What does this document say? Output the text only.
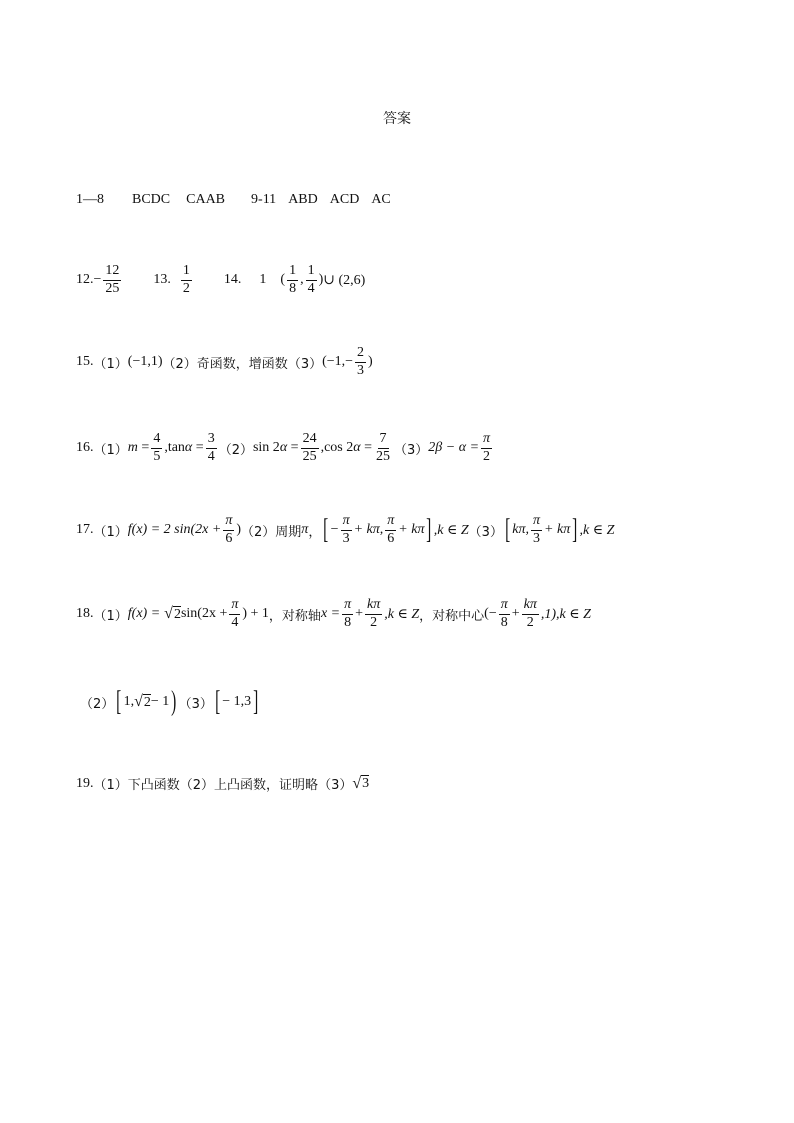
答案
1—8 BCDC CAAB 9-11 ABD ACD AC
12. − $\frac{12}{25} 13$. $\frac{1}{2} 14$. 1 ( $\frac{1}{8}$ , $\frac{1}{4}$ ) ∪ (2,6)
15. （1） (−1,1) （2） 奇函数，增函数 （3） ($-1,- \frac{2}{3}$ )
16. （1） $m = \frac{4}{5}$ , $\tan \alpha = \frac{3}{4} (2)$ sin 2 $\alpha = \frac{24}{25}$ , cos 2 $\alpha = \frac{7}{25} (3) 2\beta - \alpha = \frac{\pi}{2}$
17. （1） f(x) = 2 $\sin(2x + \frac{\pi}{6}$ ) （2）周期 π ， [ − $\frac{\pi}{3} + k\pi$, $\frac{\pi}{6} + k\pi$ ] ,k ∈ Z （3） [ kπ, $\frac{\pi}{3} + k\pi$ ] ,k ∈ Z
18. （1） f(x) = √ 2 $\sin(2x + \frac{\pi}{4}$ ) + 1 ，对称轴 $x = \frac{\pi}{8} + \frac{k\pi}{2} ,k$ ∈ Z ，对称中心 (− $\frac{\pi}{8} + \frac{k\pi}{2} ,1),k$ ∈ Z
（2） [ 1, √ 2 − 1 ) （3） [ − 1,3 ]
19. （1）下凸函数 （2）上凸函数，证明略 （3） √ 3
